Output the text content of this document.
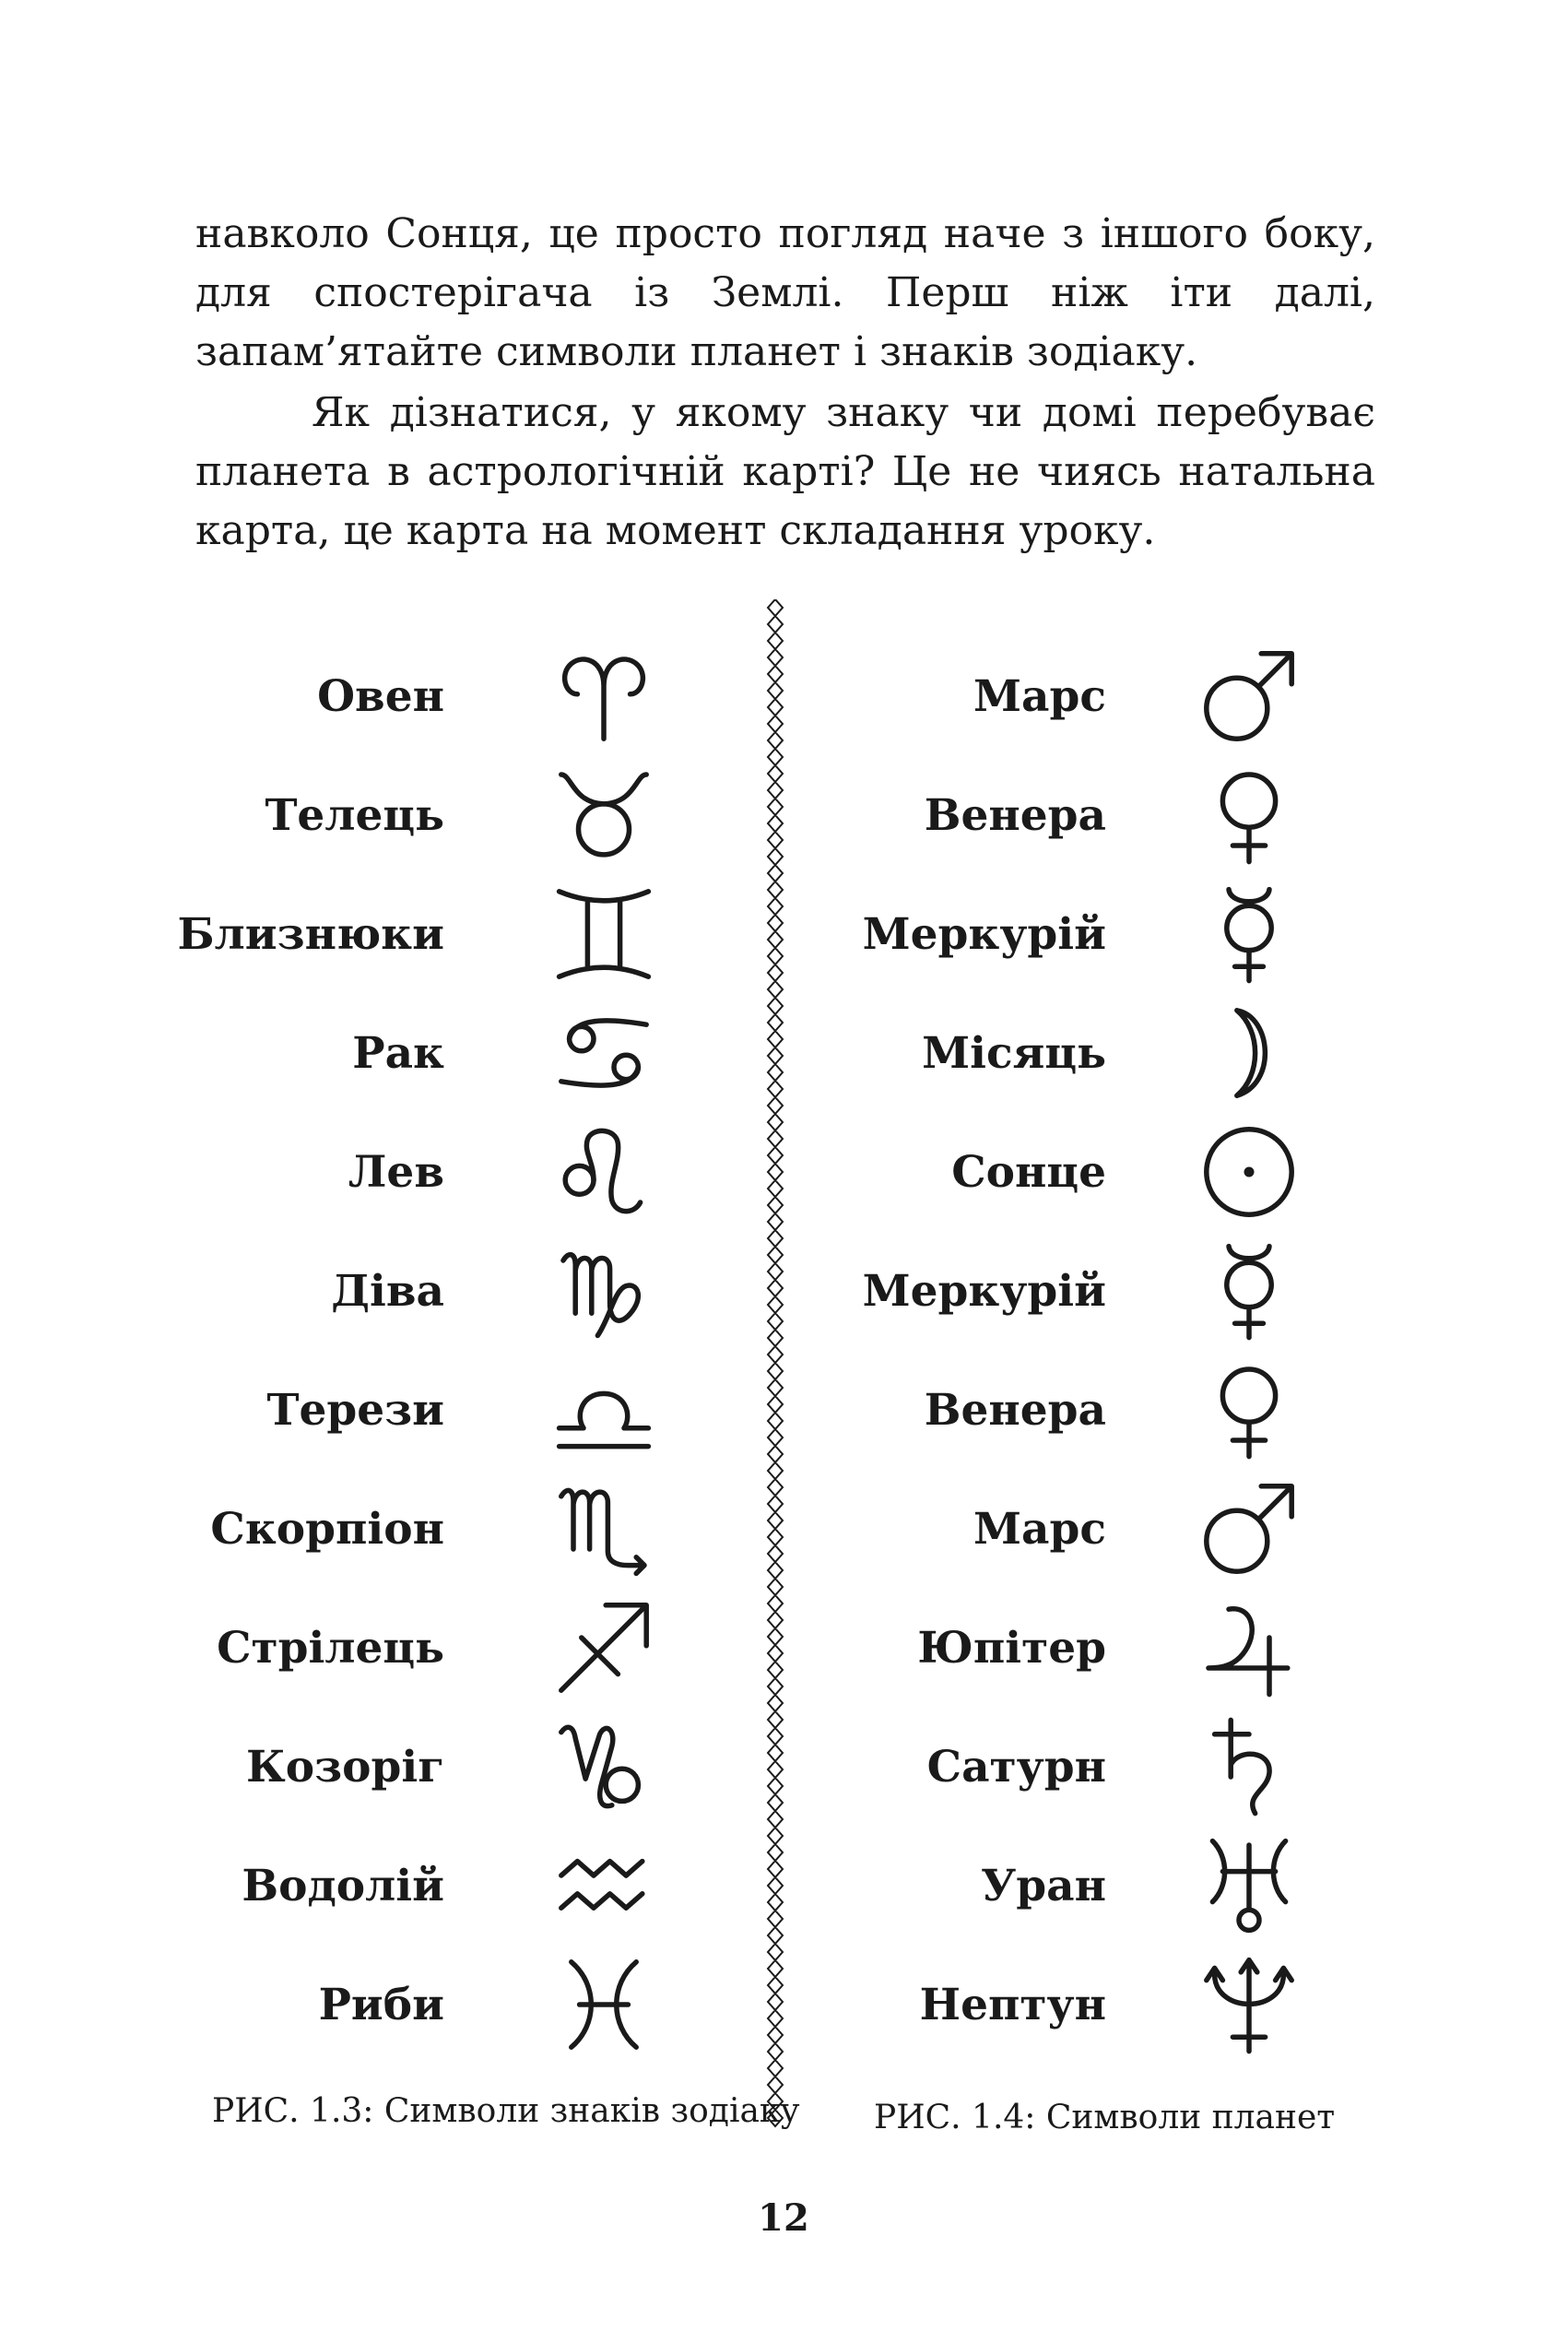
навколо Сонця, це просто погляд наче з іншого боку, для спостерігача із Землі. Перш ніж іти далі, запам’ятайте символи планет і знаків зодіаку.
Як дізнатися, у якому знаку чи домі перебуває планета в астрологічній карті? Це не чиясь натальна карта, це карта на момент складання уроку.
Овен
Телець
Близнюки
Рак
Лев
Діва
Терези
Скорпіон
Стрілець
Козоріг
Водолій
Риби
Марс
Венера
Меркурій
Місяць
Сонце
Меркурій
Венера
Марс
Юпітер
Сатурн
Уран
Нептун
РИС. 1.3: Символи знаків зодіаку РИС. 1.4: Символи планет
12
